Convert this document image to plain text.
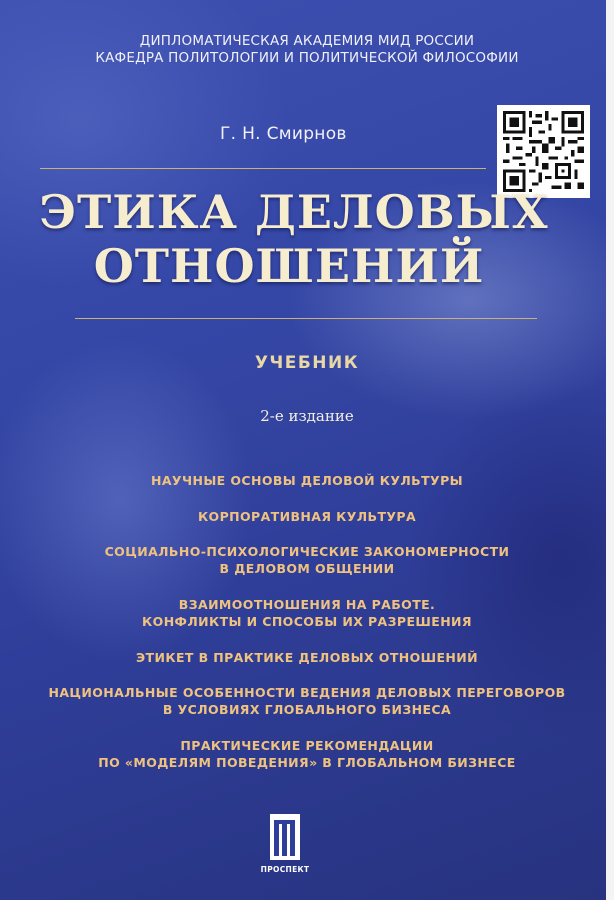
ДИПЛОМАТИЧЕСКАЯ АКАДЕМИЯ МИД РОССИИ
КАФЕДРА ПОЛИТОЛОГИИ И ПОЛИТИЧЕСКОЙ ФИЛОСОФИИ
Г. Н. Смирнов
ЭТИКА ДЕЛОВЫХ
ОТНОШЕНИЙ
УЧЕБНИК
2-е издание
НАУЧНЫЕ ОСНОВЫ ДЕЛОВОЙ КУЛЬТУРЫ
КОРПОРАТИВНАЯ КУЛЬТУРА
СОЦИАЛЬНО-ПСИХОЛОГИЧЕСКИЕ ЗАКОНОМЕРНОСТИ
В ДЕЛОВОМ ОБЩЕНИИ
ВЗАИМООТНОШЕНИЯ НА РАБОТЕ.
КОНФЛИКТЫ И СПОСОБЫ ИХ РАЗРЕШЕНИЯ
ЭТИКЕТ В ПРАКТИКЕ ДЕЛОВЫХ ОТНОШЕНИЙ
НАЦИОНАЛЬНЫЕ ОСОБЕННОСТИ ВЕДЕНИЯ ДЕЛОВЫХ ПЕРЕГОВОРОВ
В УСЛОВИЯХ ГЛОБАЛЬНОГО БИЗНЕСА
ПРАКТИЧЕСКИЕ РЕКОМЕНДАЦИИ
ПО «МОДЕЛЯМ ПОВЕДЕНИЯ» В ГЛОБАЛЬНОМ БИЗНЕСЕ
ПРОСПЕКТ
